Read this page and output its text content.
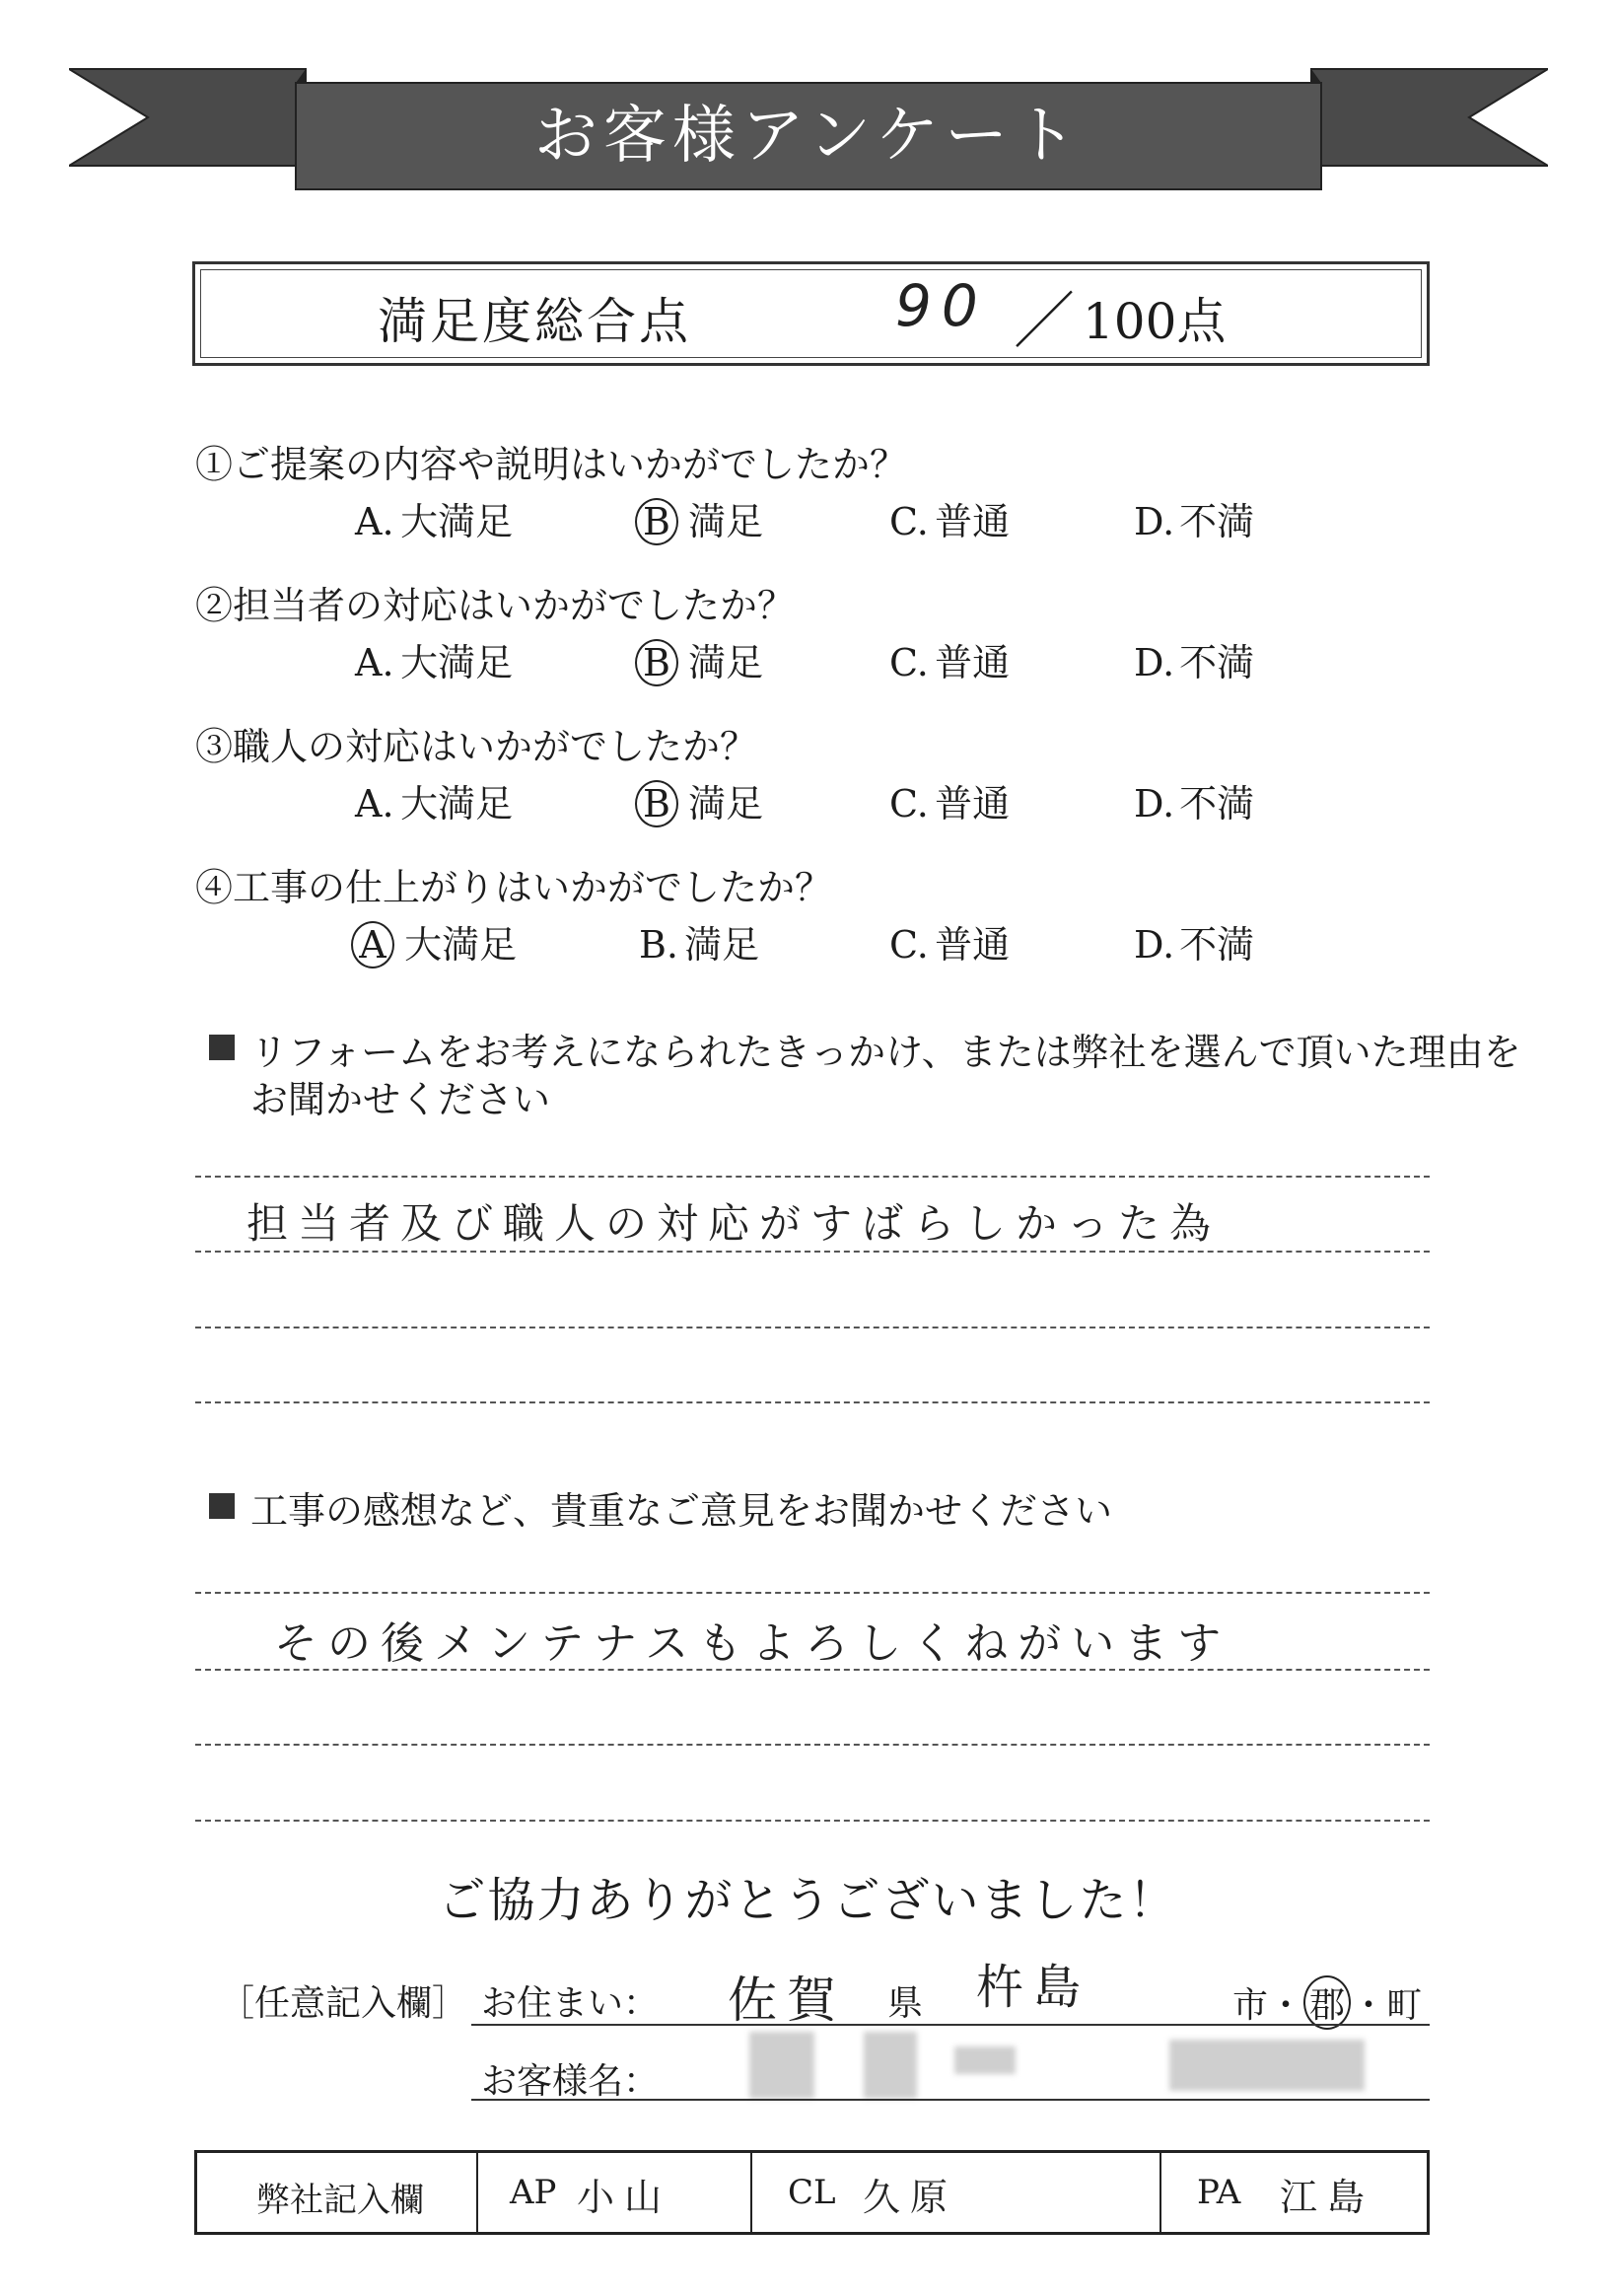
お客様アンケート
満足度総合点	90 ／ 100点
①ご提案の内容や説明はいかがでしたか？
A. 大満足	B 満足	C. 普通	D. 不満
②担当者の対応はいかがでしたか？
A. 大満足	B 満足	C. 普通	D. 不満
③職人の対応はいかがでしたか？
A. 大満足	B 満足	C. 普通	D. 不満
④工事の仕上がりはいかがでしたか？
A 大満足	B. 満足	C. 普通	D. 不満
リフォームをお考えになられたきっかけ、または弊社を選んで頂いた理由を
お聞かせください
担当者及び職人の対応がすばらしかった為
工事の感想など、貴重なご意見をお聞かせください
その後メンテナスもよろしくねがいます
ご協力ありがとうございました！
［任意記入欄］ お住まい： 佐賀 県 杵島	市・ 郡 ・町
お客様名：
弊社記入欄	AP 小山	CL 久原	PA 江島
